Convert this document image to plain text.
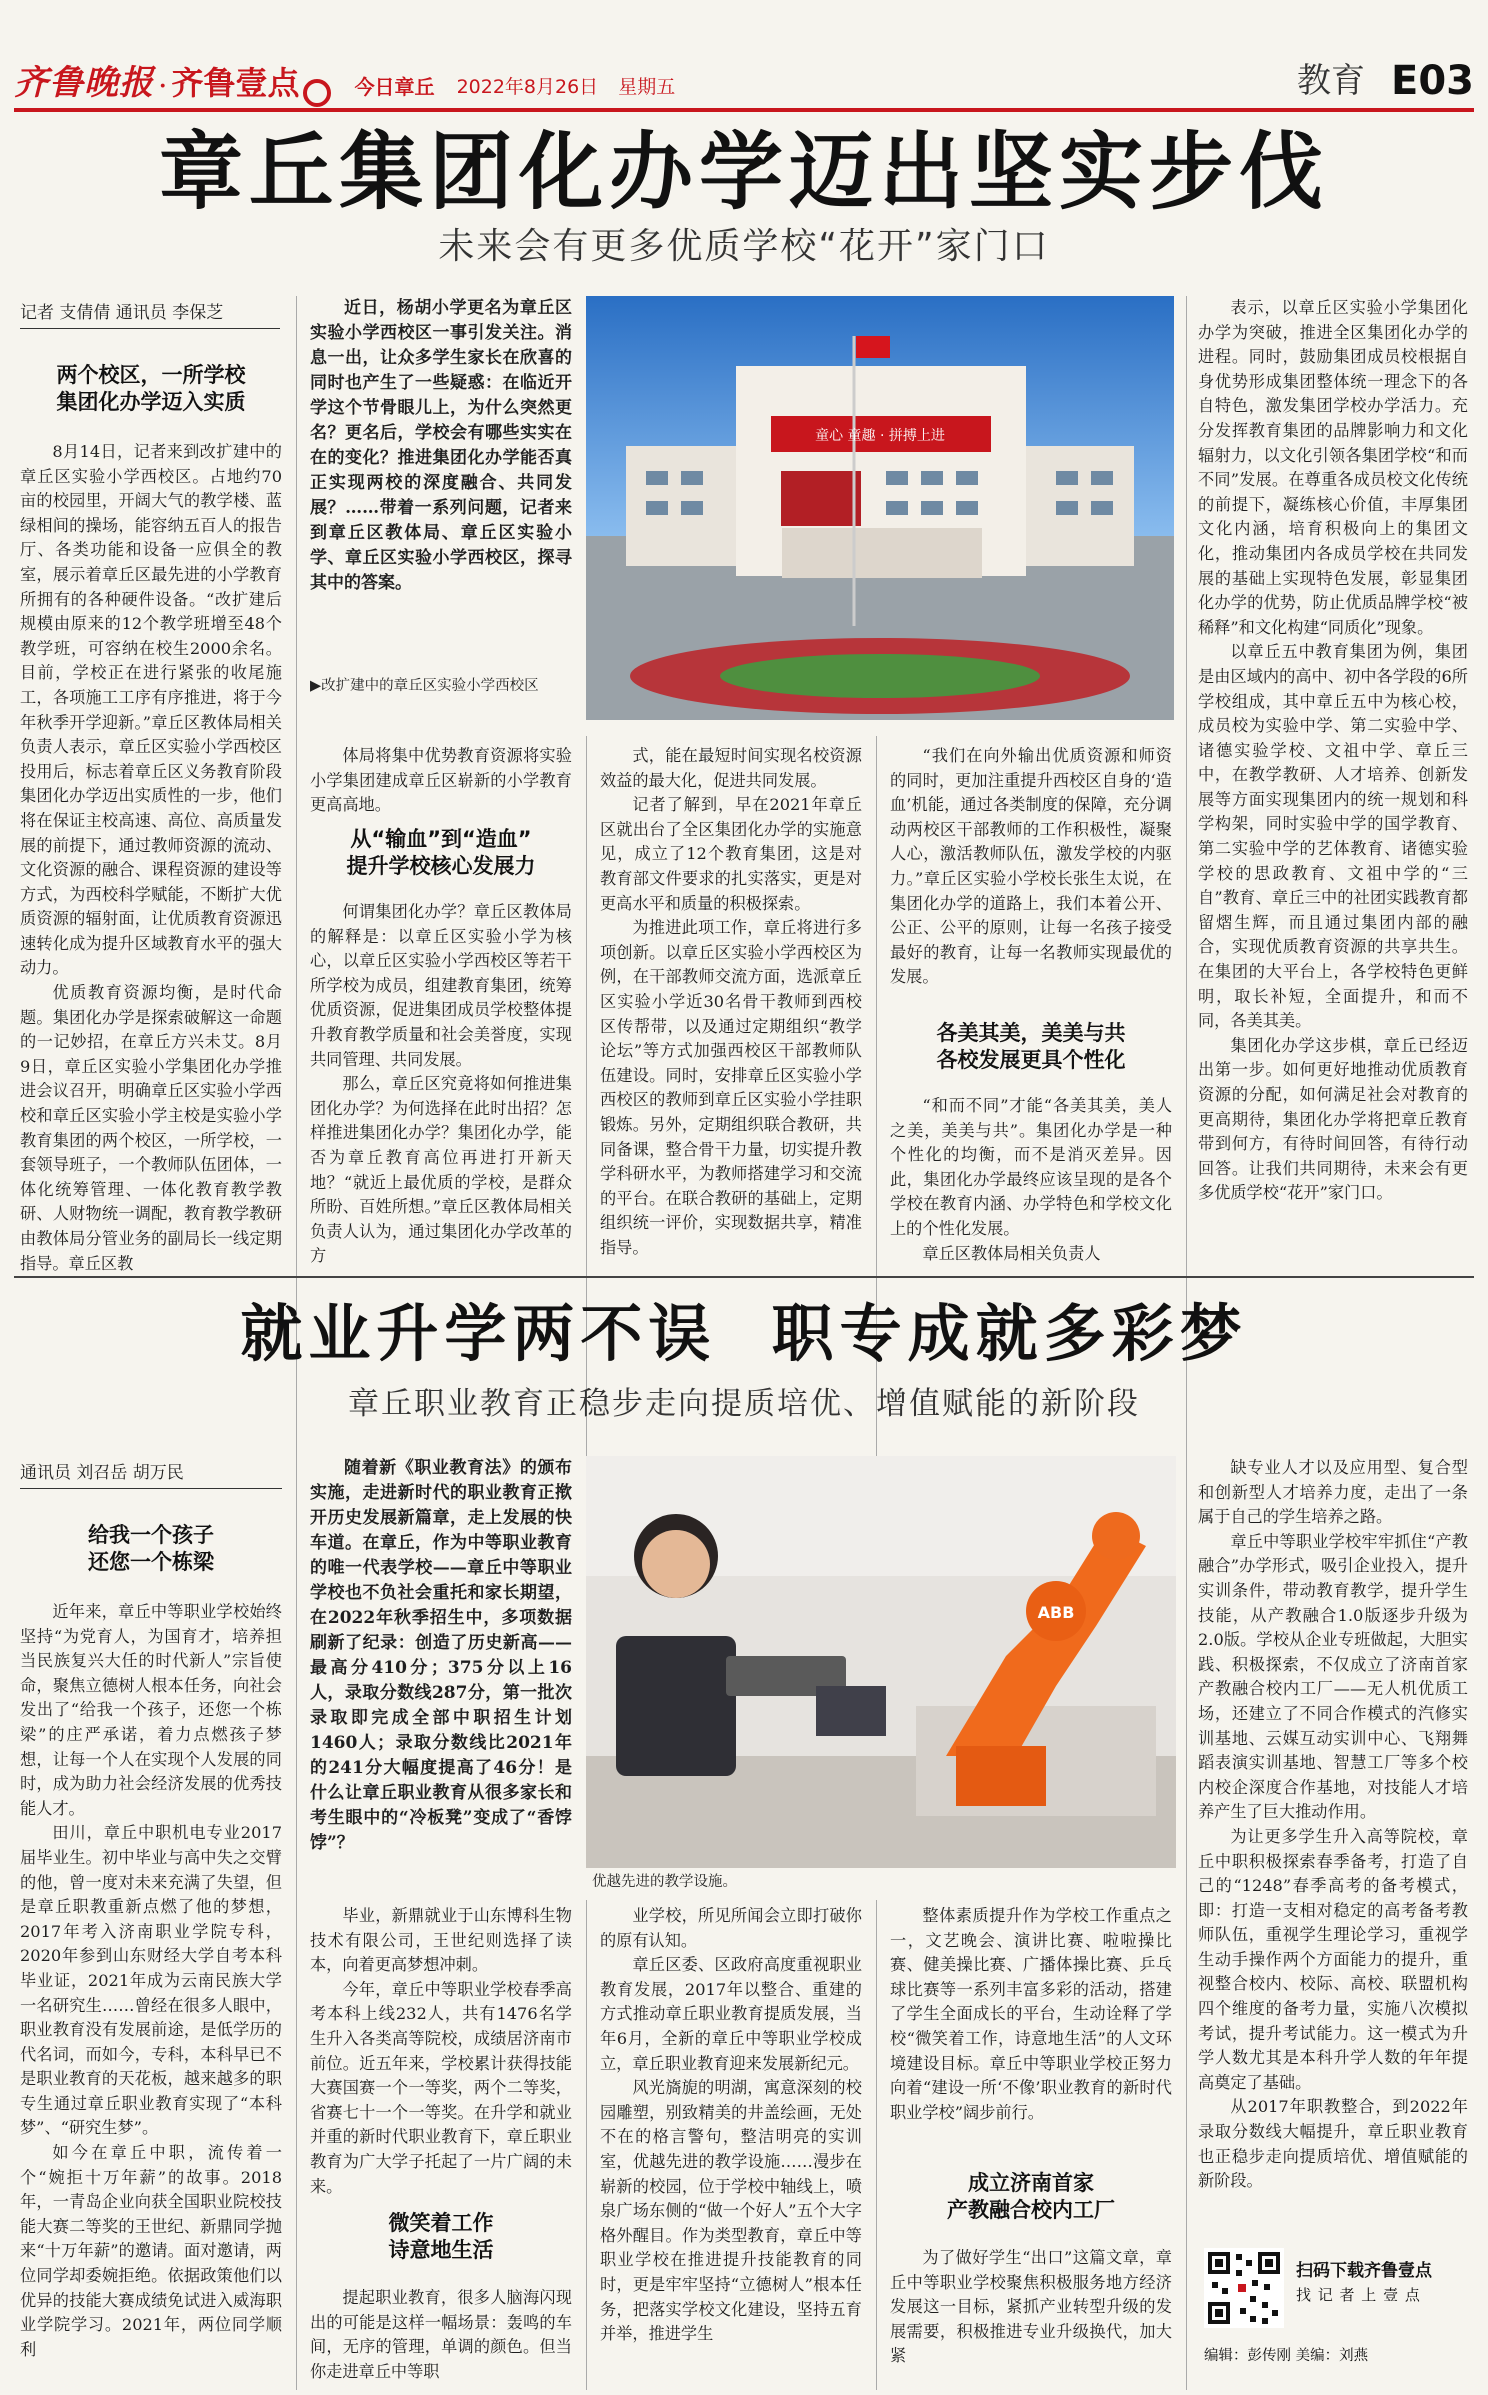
齐鲁晚报 · 齐鲁壹点	今日章丘 2022年8月26日 星期五	教育 E03
章丘集团化办学迈出坚实步伐
未来会有更多优质学校“花开”家门口
记者 支倩倩 通讯员 李保芝
两个校区，一所学校
集团化办学迈入实质

8月14日，记者来到改扩建中的章丘区实验小学西校区。占地约70亩的校园里，开阔大气的教学楼、蓝绿相间的操场，能容纳五百人的报告厅、各类功能和设备一应俱全的教室，展示着章丘区最先进的小学教育所拥有的各种硬件设备。“改扩建后规模由原来的12个教学班增至48个教学班，可容纳在校生2000余名。目前，学校正在进行紧张的收尾施工，各项施工工序有序推进，将于今年秋季开学迎新。”章丘区教体局相关负责人表示，章丘区实验小学西校区投用后，标志着章丘区义务教育阶段集团化办学迈出实质性的一步，他们将在保证主校高速、高位、高质量发展的前提下，通过教师资源的流动、文化资源的融合、课程资源的建设等方式，为西校科学赋能，不断扩大优质资源的辐射面，让优质教育资源迅速转化成为提升区域教育水平的强大动力。

优质教育资源均衡，是时代命题。集团化办学是探索破解这一命题的一记妙招，在章丘方兴未艾。8月9日，章丘区实验小学集团化办学推进会议召开，明确章丘区实验小学西校和章丘区实验小学主校是实验小学教育集团的两个校区，一所学校，一套领导班子，一个教师队伍团体，一体化统筹管理、一体化教育教学教研、人财物统一调配，教育教学教研由教体局分管业务的副局长一线定期指导。章丘区教

近日，杨胡小学更名为章丘区实验小学西校区一事引发关注。消息一出，让众多学生家长在欣喜的同时也产生了一些疑惑：在临近开学这个节骨眼儿上，为什么突然更名？更名后，学校会有哪些实实在在的变化？推进集团化办学能否真正实现两校的深度融合、共同发展？……带着一系列问题，记者来到章丘区教体局、章丘区实验小学、章丘区实验小学西校区，探寻其中的答案。

童心 童趣 · 拼搏上进
▶改扩建中的章丘区实验小学西校区

体局将集中优势教育资源将实验小学集团建成章丘区崭新的小学教育更高高地。

从“输血”到“造血”
提升学校核心发展力

何谓集团化办学？章丘区教体局的解释是：以章丘区实验小学为核心，以章丘区实验小学西校区等若干所学校为成员，组建教育集团，统筹优质资源，促进集团成员学校整体提升教育教学质量和社会美誉度，实现共同管理、共同发展。

那么，章丘区究竟将如何推进集团化办学？为何选择在此时出招？怎样推进集团化办学？集团化办学，能否为章丘教育高位再进打开新天地？“就近上最优质的学校，是群众所盼、百姓所想。”章丘区教体局相关负责人认为，通过集团化办学改革的方

式，能在最短时间实现名校资源效益的最大化，促进共同发展。

记者了解到，早在2021年章丘区就出台了全区集团化办学的实施意见，成立了12个教育集团，这是对教育部文件要求的扎实落实，更是对更高水平和质量的积极探索。

为推进此项工作，章丘将进行多项创新。以章丘区实验小学西校区为例，在干部教师交流方面，选派章丘区实验小学近30名骨干教师到西校区传帮带，以及通过定期组织“教学论坛”等方式加强西校区干部教师队伍建设。同时，安排章丘区实验小学西校区的教师到章丘区实验小学挂职锻炼。另外，定期组织联合教研，共同备课，整合骨干力量，切实提升教学科研水平，为教师搭建学习和交流的平台。在联合教研的基础上，定期组织统一评价，实现数据共享，精准指导。

“我们在向外输出优质资源和师资的同时，更加注重提升西校区自身的‘造血’机能，通过各类制度的保障，充分调动两校区干部教师的工作积极性，凝聚人心，激活教师队伍，激发学校的内驱力。”章丘区实验小学校长张生太说，在集团化办学的道路上，我们本着公开、公正、公平的原则，让每一名孩子接受最好的教育，让每一名教师实现最优的发展。

各美其美，美美与共
各校发展更具个性化

“和而不同”才能“各美其美，美人之美，美美与共”。集团化办学是一种个性化的均衡，而不是消灭差异。因此，集团化办学最终应该呈现的是各个学校在教育内涵、办学特色和学校文化上的个性化发展。

章丘区教体局相关负责人

表示，以章丘区实验小学集团化办学为突破，推进全区集团化办学的进程。同时，鼓励集团成员校根据自身优势形成集团整体统一理念下的各自特色，激发集团学校办学活力。充分发挥教育集团的品牌影响力和文化辐射力，以文化引领各集团学校“和而不同”发展。在尊重各成员校文化传统的前提下，凝练核心价值，丰厚集团文化内涵，培育积极向上的集团文化，推动集团内各成员学校在共同发展的基础上实现特色发展，彰显集团化办学的优势，防止优质品牌学校“被稀释”和文化构建“同质化”现象。

以章丘五中教育集团为例，集团是由区域内的高中、初中各学段的6所学校组成，其中章丘五中为核心校，成员校为实验中学、第二实验中学、诸德实验学校、文祖中学、章丘三中，在教学教研、人才培养、创新发展等方面实现集团内的统一规划和科学构架，同时实验中学的国学教育、第二实验中学的艺体教育、诸德实验学校的思政教育、文祖中学的“三自”教育、章丘三中的社团实践教育都留熠生辉，而且通过集团内部的融合，实现优质教育资源的共享共生。在集团的大平台上，各学校特色更鲜明，取长补短，全面提升，和而不同，各美其美。

集团化办学这步棋，章丘已经迈出第一步。如何更好地推动优质教育资源的分配，如何满足社会对教育的更高期待，集团化办学将把章丘教育带到何方，有待时间回答，有待行动回答。让我们共同期待，未来会有更多优质学校“花开”家门口。

就业升学两不误  职专成就多彩梦
章丘职业教育正稳步走向提质培优、增值赋能的新阶段
通讯员 刘召岳 胡万民
给我一个孩子
还您一个栋梁

近年来，章丘中等职业学校始终坚持“为党育人，为国育才，培养担当民族复兴大任的时代新人”宗旨使命，聚焦立德树人根本任务，向社会发出了“给我一个孩子，还您一个栋梁”的庄严承诺，着力点燃孩子梦想，让每一个人在实现个人发展的同时，成为助力社会经济发展的优秀技能人才。

田川，章丘中职机电专业2017届毕业生。初中毕业与高中失之交臂的他，曾一度对未来充满了失望，但是章丘职教重新点燃了他的梦想，2017年考入济南职业学院专科，2020年参到山东财经大学自考本科毕业证，2021年成为云南民族大学一名研究生……曾经在很多人眼中，职业教育没有发展前途，是低学历的代名词，而如今，专科，本科早已不是职业教育的天花板，越来越多的职专生通过章丘职业教育实现了“本科梦”、“研究生梦”。

如今在章丘中职，流传着一个“婉拒十万年薪”的故事。2018年，一青岛企业向获全国职业院校技能大赛二等奖的王世纪、新鼎同学抛来“十万年薪”的邀请。面对邀请，两位同学却委婉拒绝。依据政策他们以优异的技能大赛成绩免试进入威海职业学院学习。2021年，两位同学顺利

随着新《职业教育法》的颁布实施，走进新时代的职业教育正揿开历史发展新篇章，走上发展的快车道。在章丘，作为中等职业教育的唯一代表学校——章丘中等职业学校也不负社会重托和家长期望，在2022年秋季招生中，多项数据刷新了纪录：创造了历史新高——最高分410分；375分以上16人，录取分数线287分，第一批次录取即完成全部中职招生计划1460人；录取分数线比2021年的241分大幅度提高了46分！是什么让章丘职业教育从很多家长和考生眼中的“冷板凳”变成了“香饽饽”？

ABB
优越先进的教学设施。

毕业，新鼎就业于山东博科生物技术有限公司，王世纪则选择了读本，向着更高梦想冲刺。

今年，章丘中等职业学校春季高考本科上线232人，共有1476名学生升入各类高等院校，成绩居济南市前位。近五年来，学校累计获得技能大赛国赛一个一等奖，两个二等奖，省赛七十一个一等奖。在升学和就业并重的新时代职业教育下，章丘职业教育为广大学子托起了一片广阔的未来。

微笑着工作
诗意地生活

提起职业教育，很多人脑海闪现出的可能是这样一幅场景：轰鸣的车间，无序的管理，单调的颜色。但当你走进章丘中等职

业学校，所见所闻会立即打破你的原有认知。

章丘区委、区政府高度重视职业教育发展，2017年以整合、重建的方式推动章丘职业教育提质发展，当年6月，全新的章丘中等职业学校成立，章丘职业教育迎来发展新纪元。

风光旖旎的明湖，寓意深刻的校园雕塑，别致精美的井盖绘画，无处不在的格言警句，整洁明亮的实训室，优越先进的教学设施……漫步在崭新的校园，位于学校中轴线上，喷泉广场东侧的“做一个好人”五个大字格外醒目。作为类型教育，章丘中等职业学校在推进提升技能教育的同时，更是牢牢坚持“立德树人”根本任务，把落实学校文化建设，坚持五育并举，推进学生

整体素质提升作为学校工作重点之一，文艺晚会、演讲比赛、啦啦操比赛、健美操比赛、广播体操比赛、乒乓球比赛等一系列丰富多彩的活动，搭建了学生全面成长的平台，生动诠释了学校“微笑着工作，诗意地生活”的人文环境建设目标。章丘中等职业学校正努力向着“建设一所‘不像’职业教育的新时代职业学校”阔步前行。

成立济南首家
产教融合校内工厂

为了做好学生“出口”这篇文章，章丘中等职业学校聚焦积极服务地方经济发展这一目标，紧抓产业转型升级的发展需要，积极推进专业升级换代，加大紧

缺专业人才以及应用型、复合型和创新型人才培养力度，走出了一条属于自己的学生培养之路。

章丘中等职业学校牢牢抓住“产教融合”办学形式，吸引企业投入，提升实训条件，带动教育教学，提升学生技能，从产教融合1.0版逐步升级为2.0版。学校从企业专班做起，大胆实践、积极探索，不仅成立了济南首家产教融合校内工厂——无人机优质工场，还建立了不同合作模式的汽修实训基地、云媒互动实训中心、飞翔舞蹈表演实训基地、智慧工厂等多个校内校企深度合作基地，对技能人才培养产生了巨大推动作用。

为让更多学生升入高等院校，章丘中职积极探索春季备考，打造了自己的“1248”春季高考的备考模式，即：打造一支相对稳定的高考备考教师队伍，重视学生理论学习，重视学生动手操作两个方面能力的提升，重视整合校内、校际、高校、联盟机构四个维度的备考力量，实施八次模拟考试，提升考试能力。这一模式为升学人数尤其是本科升学人数的年年提高奠定了基础。

从2017年职教整合，到2022年录取分数线大幅提升，章丘职业教育也正稳步走向提质培优、增值赋能的新阶段。

扫码下载齐鲁壹点
找 记 者 上 壹 点
编辑：彭传刚 美编：刘燕
